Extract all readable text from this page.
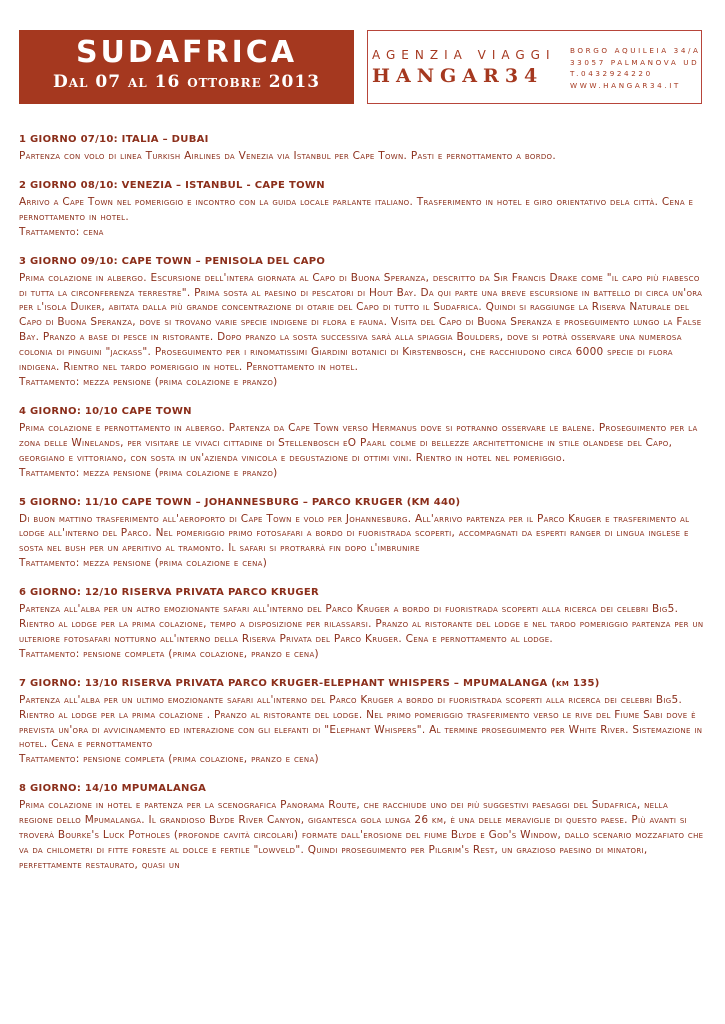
SUDAFRICA
Dal 07 al 16 ottobre 2013
AGENZIA VIAGGI
HANGAR34
BORGO AQUILEIA 34/A
33057 PALMANOVA UD
T.0432924220
WWW.HANGAR34.IT
1 GIORNO 07/10: ITALIA – DUBAI
Partenza con volo di linea Turkish Airlines da Venezia via Istanbul per Cape Town. Pasti e pernottamento a bordo.
2 GIORNO 08/10: VENEZIA – ISTANBUL - CAPE TOWN
Arrivo a Cape Town nel pomeriggio e incontro con la guida locale parlante italiano. Trasferimento in hotel e giro orientativo dela città. Cena e pernottamento in hotel.
Trattamento: cena
3 GIORNO 09/10: CAPE TOWN – PENISOLA DEL CAPO
Prima colazione in albergo. Escursione dell'intera giornata al Capo di Buona Speranza, descritto da Sir Francis Drake come "il capo più fiabesco di tutta la circonferenza terrestre". Prima sosta al paesino di pescatori di Hout Bay. Da qui parte una breve escursione in battello di circa un'ora per l'isola Duiker, abitata dalla più grande concentrazione di otarie del Capo di tutto il Sudafrica. Quindi si raggiunge la Riserva Naturale del Capo di Buona Speranza, dove si trovano varie specie indigene di flora e fauna. Visita del Capo di Buona Speranza e proseguimento lungo la False Bay. Pranzo a base di pesce in ristorante. Dopo pranzo la sosta successiva sarà alla spiaggia Boulders, dove si potrà osservare una numerosa colonia di pinguini "jackass". Proseguimento per i rinomatissimi Giardini botanici di Kirstenbosch, che racchiudono circa 6000 specie di flora indigena. Rientro nel tardo pomeriggio in hotel. Pernottamento in hotel.
Trattamento: mezza pensione (prima colazione e pranzo)
4 GIORNO: 10/10 CAPE TOWN
Prima colazione e pernottamento in albergo. Partenza da Cape Town verso Hermanus dove si potranno osservare le balene. Proseguimento per la zona delle Winelands, per visitare le vivaci cittadine di Stellenbosch eO Paarl colme di bellezze architettoniche in stile olandese del Capo, georgiano e vittoriano, con sosta in un'azienda vinicola e degustazione di ottimi vini. Rientro in hotel nel pomeriggio.
Trattamento: mezza pensione (prima colazione e pranzo)
5 GIORNO: 11/10 CAPE TOWN – JOHANNESBURG – PARCO KRUGER (KM 440)
Di buon mattino trasferimento all'aeroporto di Cape Town e volo per Johannesburg. All'arrivo partenza per il Parco Kruger e trasferimento al lodge all'interno del Parco. Nel pomeriggio primo fotosafari a bordo di fuoristrada scoperti, accompagnati da esperti ranger di lingua inglese e sosta nel bush per un aperitivo al tramonto. Il safari si protrarrà fin dopo l'imbrunire
Trattamento: mezza pensione (prima colazione e cena)
6 GIORNO: 12/10 RISERVA PRIVATA PARCO KRUGER
Partenza all'alba per un altro emozionante safari all'interno del Parco Kruger a bordo di fuoristrada scoperti alla ricerca dei celebri Big5. Rientro al lodge per la prima colazione, tempo a disposizione per rilassarsi. Pranzo al ristorante del lodge e nel tardo pomeriggio partenza per un ulteriore fotosafari notturno all'interno della Riserva Privata del Parco Kruger. Cena e pernottamento al lodge.
Trattamento: pensione completa (prima colazione, pranzo e cena)
7 GIORNO: 13/10 RISERVA PRIVATA PARCO KRUGER-ELEPHANT WHISPERS – MPUMALANGA (km 135)
Partenza all'alba per un ultimo emozionante safari all'interno del Parco Kruger a bordo di fuoristrada scoperti alla ricerca dei celebri Big5. Rientro al lodge per la prima colazione . Pranzo al ristorante del lodge. Nel primo pomeriggio trasferimento verso le rive del Fiume Sabi dove è prevista un'ora di avvicinamento ed interazione con gli elefanti di "Elephant Whispers". Al termine proseguimento per White River. Sistemazione in hotel. Cena e pernottamento
Trattamento: pensione completa (prima colazione, pranzo e cena)
8 GIORNO: 14/10 MPUMALANGA
Prima colazione in hotel e partenza per la scenografica Panorama Route, che racchiude uno dei più suggestivi paesaggi del Sudafrica, nella regione dello Mpumalanga. Il grandioso Blyde River Canyon, gigantesca gola lunga 26 km, è una delle meraviglie di questo paese. Più avanti si troverà Bourke's Luck Potholes (profonde cavità circolari) formate dall'erosione del fiume Blyde e God's Window, dallo scenario mozzafiato che va da chilometri di fitte foreste al dolce e fertile "lowveld". Quindi proseguimento per Pilgrim's Rest, un grazioso paesino di minatori, perfettamente restaurato, quasi un
